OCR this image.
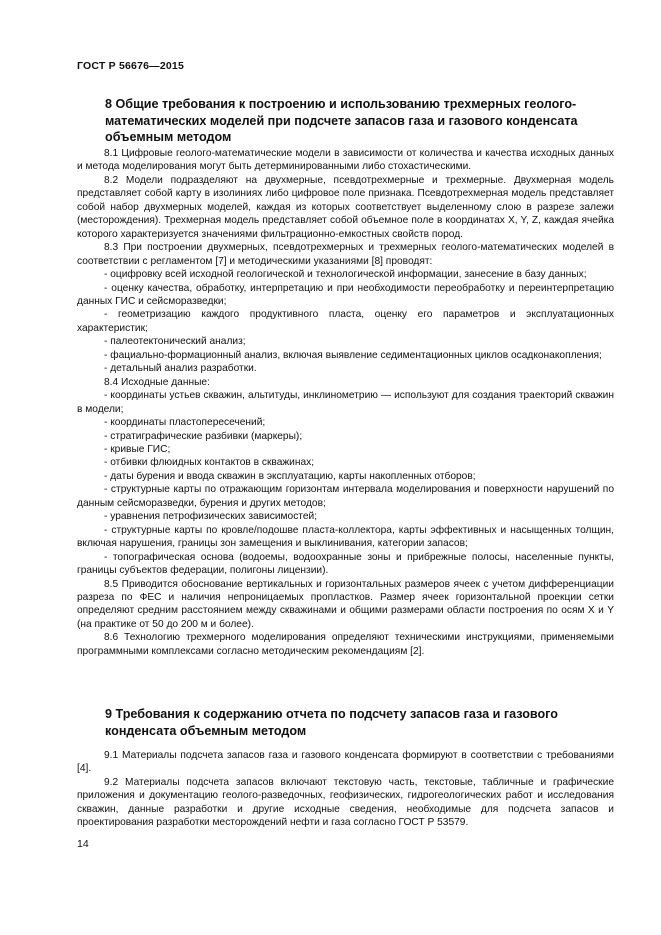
ГОСТ Р 56676—2015
8 Общие требования к построению и использованию трехмерных геолого-математических моделей при подсчете запасов газа и газового конденсата объемным методом

8.1 Цифровые геолого-математические модели в зависимости от количества и качества исходных данных и метода моделирования могут быть детерминированными либо стохастическими.

8.2 Модели подразделяют на двухмерные, псевдотрехмерные и трехмерные. Двухмерная модель представляет собой карту в изолиниях либо цифровое поле признака. Псевдотрехмерная модель представляет собой набор двухмерных моделей, каждая из которых соответствует выделенному слою в разрезе залежи (месторождения). Трехмерная модель представляет собой объемное поле в координатах X, Y, Z, каждая ячейка которого характеризуется значениями фильтрационно-емкостных свойств пород.

8.3 При построении двухмерных, псевдотрехмерных и трехмерных геолого-математических моделей в соответствии с регламентом [7] и методическими указаниями [8] проводят:

- оцифровку всей исходной геологической и технологической информации, занесение в базу данных;

- оценку качества, обработку, интерпретацию и при необходимости переобработку и переинтерпретацию данных ГИС и сейсморазведки;

- геометризацию каждого продуктивного пласта, оценку его параметров и эксплуатационных характеристик;

- палеотектонический анализ;

- фациально-формационный анализ, включая выявление седиментационных циклов осадконакопления;

- детальный анализ разработки.

8.4 Исходные данные:

- координаты устьев скважин, альтитуды, инклинометрию — используют для создания траекторий скважин в модели;

- координаты пластопересечений;

- стратиграфические разбивки (маркеры);

- кривые ГИС;

- отбивки флюидных контактов в скважинах;

- даты бурения и ввода скважин в эксплуатацию, карты накопленных отборов;

- структурные карты по отражающим горизонтам интервала моделирования и поверхности нарушений по данным сейсморазведки, бурения и других методов;

- уравнения петрофизических зависимостей;

- структурные карты по кровле/подошве пласта-коллектора, карты эффективных и насыщенных толщин, включая нарушения, границы зон замещения и выклинивания, категории запасов;

- топографическая основа (водоемы, водоохранные зоны и прибрежные полосы, населенные пункты, границы субъектов федерации, полигоны лицензии).

8.5 Приводится обоснование вертикальных и горизонтальных размеров ячеек с учетом дифференциации разреза по ФЕС и наличия непроницаемых пропластков. Размер ячеек горизонтальной проекции сетки определяют средним расстоянием между скважинами и общими размерами области построения по осям X и Y (на практике от 50 до 200 м и более).

8.6 Технологию трехмерного моделирования определяют техническими инструкциями, применяемыми программными комплексами согласно методическим рекомендациям [2].

9 Требования к содержанию отчета по подсчету запасов газа и газового конденсата объемным методом

9.1 Материалы подсчета запасов газа и газового конденсата формируют в соответствии с требованиями [4].

9.2 Материалы подсчета запасов включают текстовую часть, текстовые, табличные и графические приложения и документацию геолого-разведочных, геофизических, гидрогеологических работ и исследования скважин, данные разработки и другие исходные сведения, необходимые для подсчета запасов и проектирования разработки месторождений нефти и газа согласно ГОСТ Р 53579.

14
